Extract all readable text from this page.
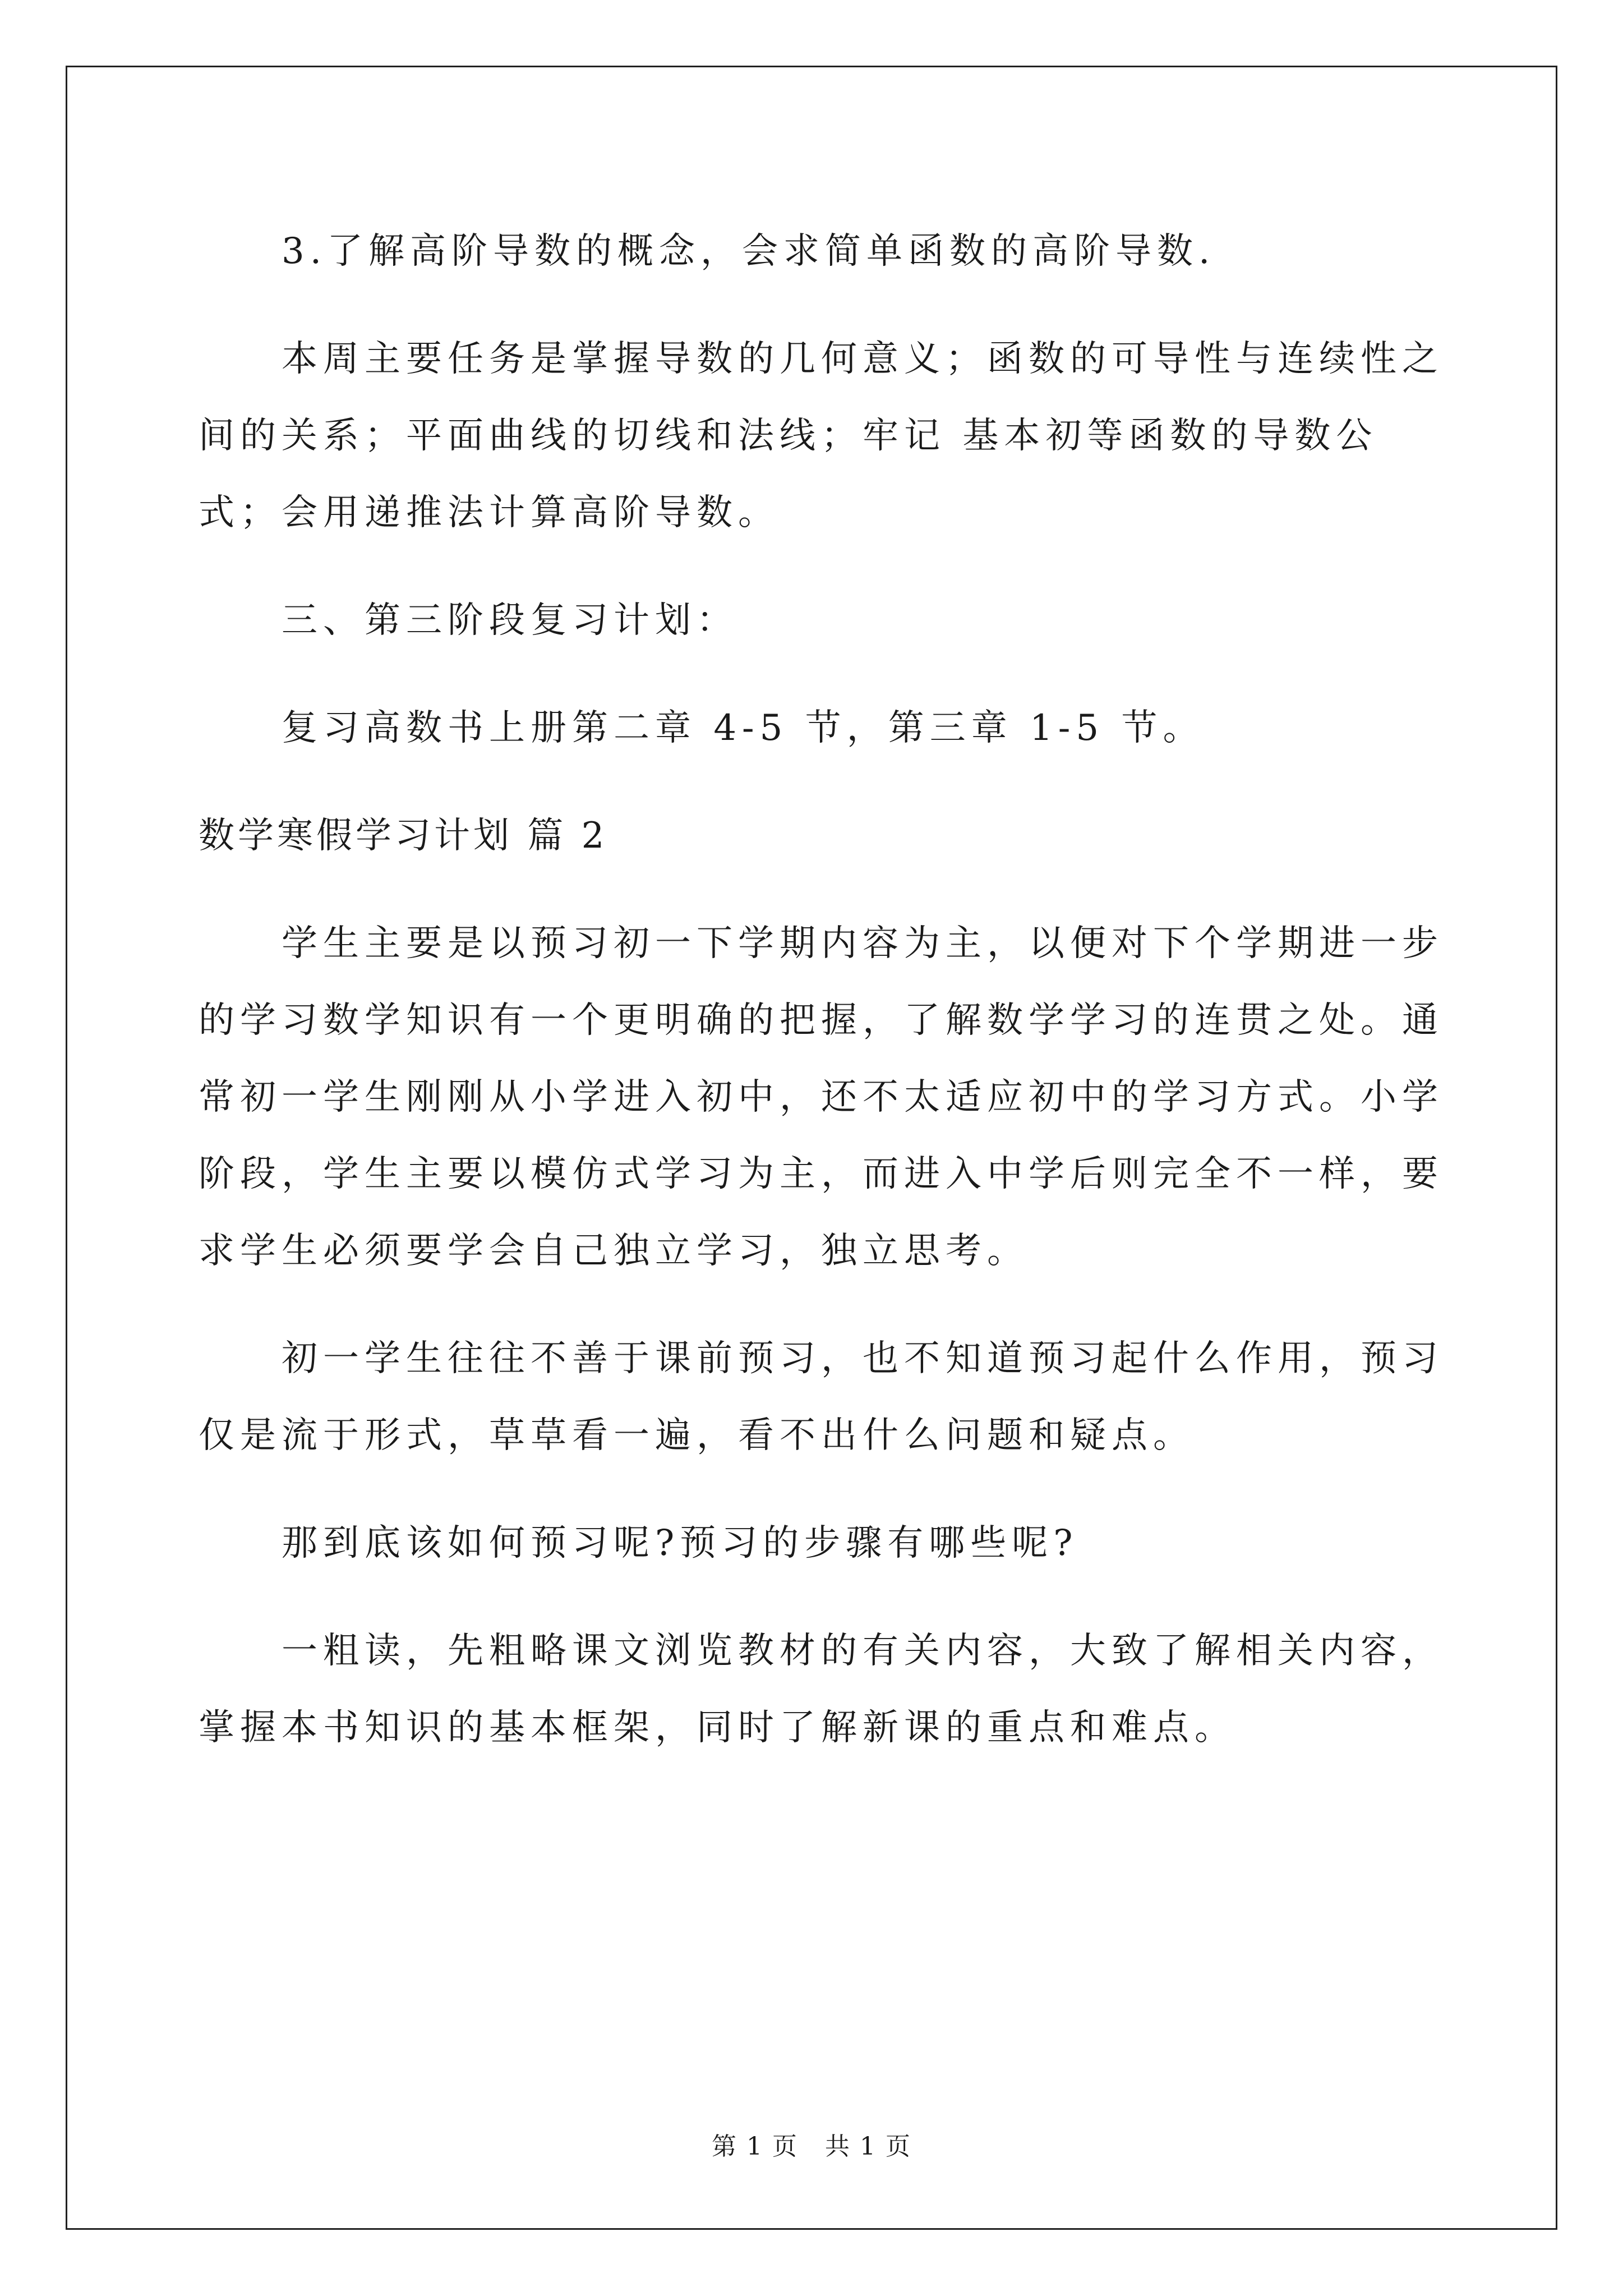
3.了解高阶导数的概念，会求简单函数的高阶导数.

本周主要任务是掌握导数的几何意义；函数的可导性与连续性之间的关系；平面曲线的切线和法线；牢记 基本初等函数的导数公式；会用递推法计算高阶导数。

三、第三阶段复习计划：

复习高数书上册第二章 4-5 节，第三章 1-5 节。

数学寒假学习计划 篇 2

学生主要是以预习初一下学期内容为主，以便对下个学期进一步的学习数学知识有一个更明确的把握，了解数学学习的连贯之处。通常初一学生刚刚从小学进入初中，还不太适应初中的学习方式。小学阶段，学生主要以模仿式学习为主，而进入中学后则完全不一样，要求学生必须要学会自己独立学习，独立思考。

初一学生往往不善于课前预习，也不知道预习起什么作用，预习仅是流于形式，草草看一遍，看不出什么问题和疑点。

那到底该如何预习呢?预习的步骤有哪些呢?

一粗读，先粗略课文浏览教材的有关内容，大致了解相关内容，掌握本书知识的基本框架，同时了解新课的重点和难点。

第 1 页 共 1 页
